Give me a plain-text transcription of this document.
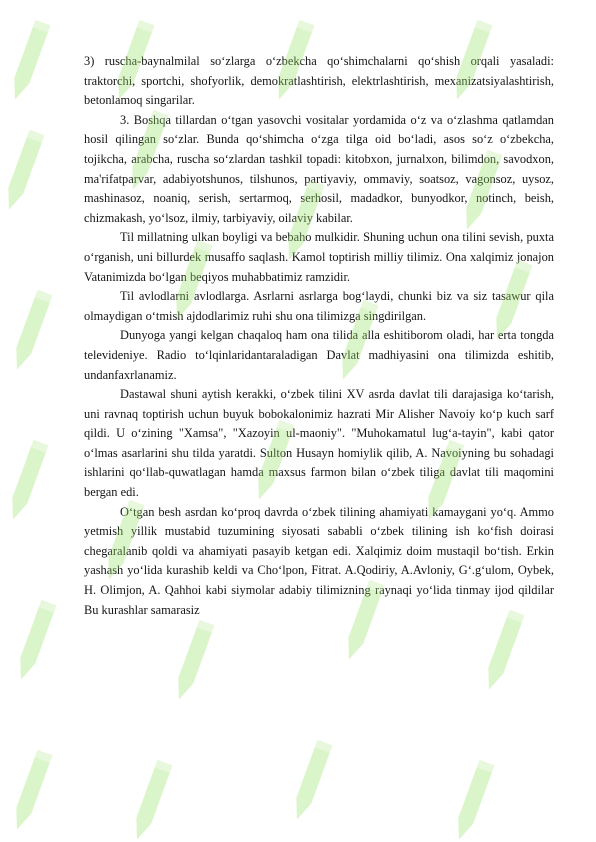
3) ruscha-baynalmilal so‘zlarga o‘zbekcha qo‘shimchalarni qo‘shish orqali yasaladi: traktorchi, sportchi, shofyorlik, demokratlashtirish, elektrlashtirish, mexanizatsiyalashtirish, betonlamoq singarilar.

3. Boshqa tillardan o‘tgan yasovchi vositalar yordamida o‘z va o‘zlashma qatlamdan hosil qilingan so‘zlar. Bunda qo‘shimcha o‘zga tilga oid bo‘ladi, asos so‘z o‘zbekcha, tojikcha, arabcha, ruscha so‘zlardan tashkil topadi: kitobxon, jurnalxon, bilimdon, savodxon, ma'rifatparvar, adabiyotshunos, tilshunos, partiyaviy, ommaviy, soatsoz, vagonsoz, uysoz, mashinasoz, noaniq, serish, sertarmoq, serhosil, madadkor, bunyodkor, notinch, beish, chizmakash, yo‘lsoz, ilmiy, tarbiyaviy, oilaviy kabilar.

Til millatning ulkan boyligi va bebaho mulkidir. Shuning uchun ona tilini sevish, puxta o‘rganish, uni billurdek musaffo saqlash. Kamol toptirish milliy tilimiz. Ona xalqimiz jonajon Vatanimizda bo‘lgan beqiyos muhabbatimiz ramzidir.

Til avlodlarni avlodlarga. Asrlarni asrlarga bog‘laydi, chunki biz va siz tasawur qila olmaydigan o‘tmish ajdodlarimiz ruhi shu ona tilimizga singdirilgan.

Dunyoga yangi kelgan chaqaloq ham ona tilida alla eshitiborom oladi, har erta tongda televideniye. Radio to‘lqinlaridantaraladigan Davlat madhiyasini ona tilimizda eshitib, undanfaxrlanamiz.

Dastawal shuni aytish kerakki, o‘zbek tilini XV asrda davlat tili darajasiga ko‘tarish, uni ravnaq toptirish uchun buyuk bobokalonimiz hazrati Mir Alisher Navoiy ko‘p kuch sarf qildi. U o‘zining "Xamsa", "Xazoyin ul-maoniy". "Muhokamatul lug‘a-tayin", kabi qator o‘lmas asarlarini shu tilda yaratdi. Sulton Husayn homiylik qilib, A. Navoiyning bu sohadagi ishlarini qo‘llab-quwatlagan hamda maxsus farmon bilan o‘zbek tiliga davlat tili maqomini bergan edi.

O‘tgan besh asrdan ko‘proq davrda o‘zbek tilining ahamiyati kamaygani yo‘q. Ammo yetmish yillik mustabid tuzumining siyosati sababli o‘zbek tilining ish ko‘fish doirasi chegaralanib qoldi va ahamiyati pasayib ketgan edi. Xalqimiz doim mustaqil bo‘tish. Erkin yashash yo‘lida kurashib keldi va Cho‘lpon, Fitrat. A.Qodiriy, A.Avloniy, G‘.g‘ulom, Oybek, H. Olimjon, A. Qahhoi kabi siymolar adabiy tilimizning raynaqi yo‘lida tinmay ijod qildilar Bu kurashlar samarasiz
